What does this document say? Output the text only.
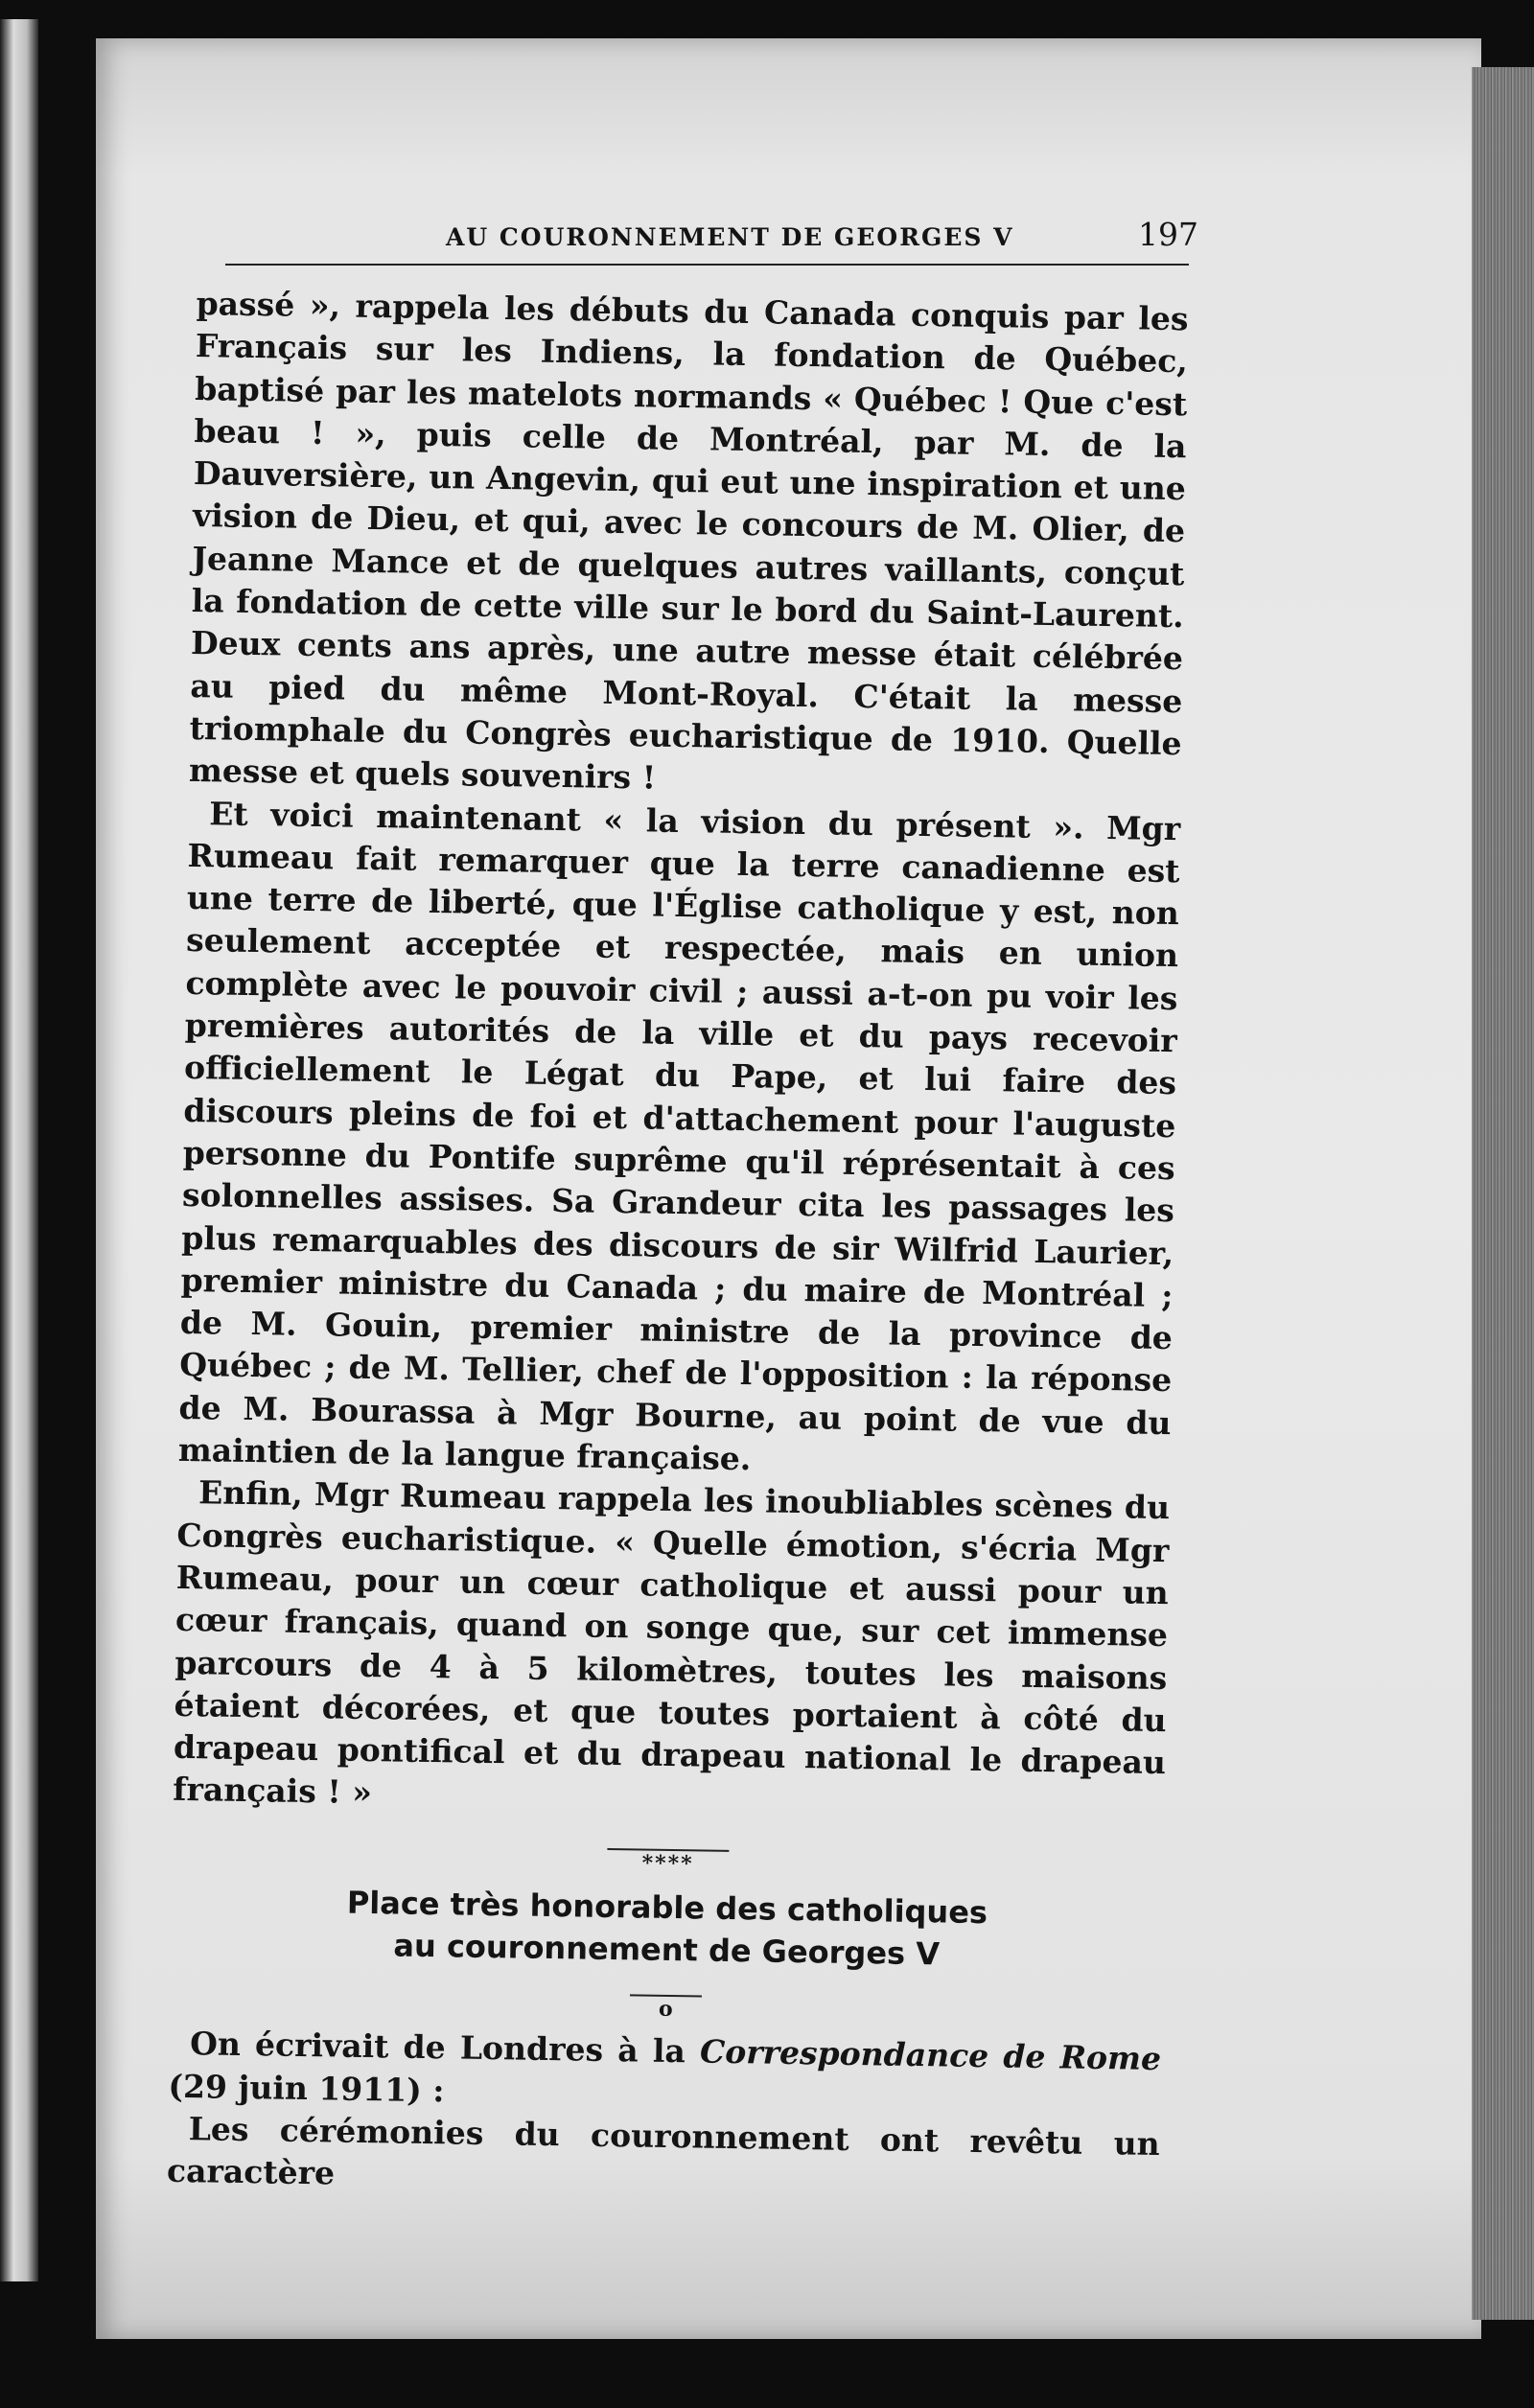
AU COURONNEMENT DE GEORGES V	197

passé », rappela les débuts du Canada conquis par les Français sur les Indiens, la fondation de Québec, baptisé par les matelots normands « Québec ! Que c'est beau ! », puis celle de Montréal, par M. de la Dauversière, un Angevin, qui eut une inspiration et une vision de Dieu, et qui, avec le concours de M. Olier, de Jeanne Mance et de quelques autres vaillants, conçut la fondation de cette ville sur le bord du Saint-Laurent. Deux cents ans après, une autre messe était célébrée au pied du même Mont-Royal. C'était la messe triomphale du Congrès eucharistique de 1910. Quelle messe et quels souvenirs !

Et voici maintenant « la vision du présent ». Mgr Rumeau fait remarquer que la terre canadienne est une terre de liberté, que l'Église catholique y est, non seulement acceptée et respectée, mais en union complète avec le pouvoir civil ; aussi a-t-on pu voir les premières autorités de la ville et du pays recevoir officiellement le Légat du Pape, et lui faire des discours pleins de foi et d'attachement pour l'auguste personne du Pontife suprême qu'il réprésentait à ces solonnelles assises. Sa Grandeur cita les passages les plus remarquables des discours de sir Wilfrid Laurier, premier ministre du Canada ; du maire de Montréal ; de M. Gouin, premier ministre de la province de Québec ; de M. Tellier, chef de l'opposition : la réponse de M. Bourassa à Mgr Bourne, au point de vue du maintien de la langue française.

Enfin, Mgr Rumeau rappela les inoubliables scènes du Congrès eucharistique. « Quelle émotion, s'écria Mgr Rumeau, pour un cœur catholique et aussi pour un cœur français, quand on songe que, sur cet immense parcours de 4 à 5 kilomètres, toutes les maisons étaient décorées, et que toutes portaient à côté du drapeau pontifical et du drapeau national le drapeau français ! »

****

Place très honorable des catholiques

au couronnement de Georges V

o

On écrivait de Londres à la Correspondance de Rome (29 juin 1911) :

Les cérémonies du couronnement ont revêtu un caractère
